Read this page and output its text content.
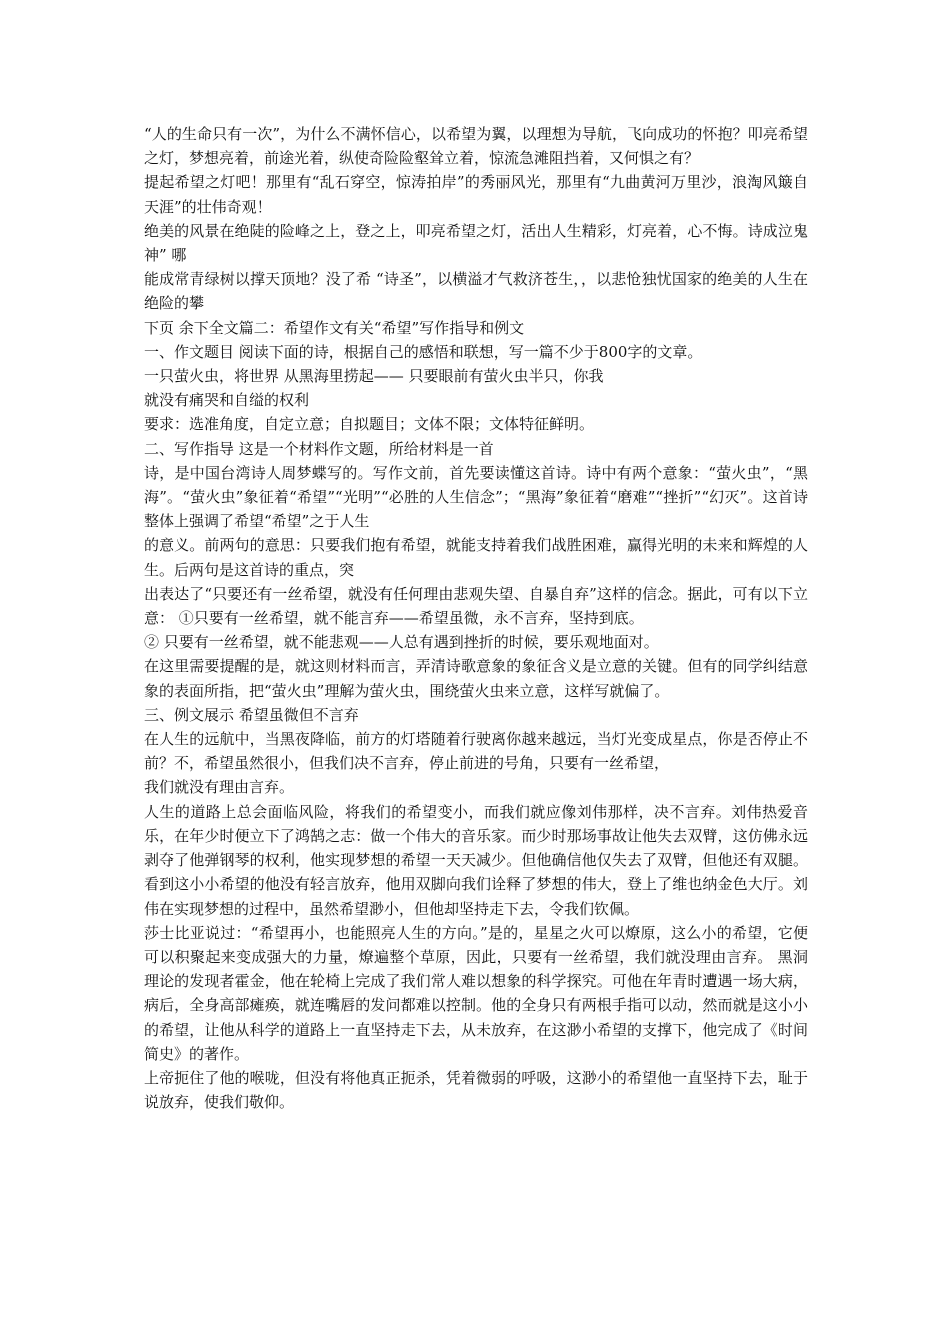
“人的生命只有一次”，为什么不满怀信心，以希望为翼，以理想为导航，飞向成功的怀抱？叩亮希望之灯，梦想亮着，前途光着，纵使奇险险壑耸立着，惊流急滩阻挡着，又何惧之有？

提起希望之灯吧！那里有“乱石穿空，惊涛拍岸”的秀丽风光，那里有“九曲黄河万里沙，浪淘风簸自天涯”的壮伟奇观！

绝美的风景在绝陡的险峰之上，登之上，叩亮希望之灯，活出人生精彩，灯亮着，心不悔。诗成泣鬼神” 哪

能成常青绿树以撑天顶地？没了希 “诗圣”，以横溢才气救济苍生，，以悲怆独忧国家的绝美的人生在绝险的攀

下页 余下全文篇二：希望作文有关“希望”写作指导和例文

一、作文题目 阅读下面的诗，根据自己的感悟和联想，写一篇不少于800字的文章。

一只萤火虫，将世界 从黑海里捞起—— 只要眼前有萤火虫半只，你我

就没有痛哭和自缢的权利

要求：选准角度，自定立意；自拟题目；文体不限；文体特征鲜明。

二、写作指导 这是一个材料作文题，所给材料是一首

诗，是中国台湾诗人周梦蝶写的。写作文前，首先要读懂这首诗。诗中有两个意象：“萤火虫”，“黑海”。“萤火虫”象征着“希望”“光明”“必胜的人生信念”；“黑海”象征着“磨难”“挫折”“幻灭”。这首诗整体上强调了希望“希望”之于人生

的意义。前两句的意思：只要我们抱有希望，就能支持着我们战胜困难，赢得光明的未来和辉煌的人生。后两句是这首诗的重点，突

出表达了“只要还有一丝希望，就没有任何理由悲观失望、自暴自弃”这样的信念。据此，可有以下立意： ①只要有一丝希望，就不能言弃——希望虽微，永不言弃，坚持到底。

② 只要有一丝希望，就不能悲观——人总有遇到挫折的时候，要乐观地面对。

在这里需要提醒的是，就这则材料而言，弄清诗歌意象的象征含义是立意的关键。但有的同学纠结意象的表面所指，把“萤火虫”理解为萤火虫，围绕萤火虫来立意，这样写就偏了。

三、例文展示 希望虽微但不言弃

在人生的远航中，当黑夜降临，前方的灯塔随着行驶离你越来越远，当灯光变成星点，你是否停止不前？不，希望虽然很小，但我们决不言弃，停止前进的号角，只要有一丝希望，

我们就没有理由言弃。

人生的道路上总会面临风险，将我们的希望变小，而我们就应像刘伟那样，决不言弃。刘伟热爱音乐，在年少时便立下了鸿鹄之志：做一个伟大的音乐家。而少时那场事故让他失去双臂，这仿佛永远剥夺了他弹钢琴的权利，他实现梦想的希望一天天减少。但他确信他仅失去了双臂，但他还有双腿。看到这小小希望的他没有轻言放弃，他用双脚向我们诠释了梦想的伟大，登上了维也纳金色大厅。刘伟在实现梦想的过程中，虽然希望渺小，但他却坚持走下去，令我们钦佩。

莎士比亚说过：“希望再小，也能照亮人生的方向。”是的，星星之火可以燎原，这么小的希望，它便可以积聚起来变成强大的力量，燎遍整个草原，因此，只要有一丝希望，我们就没理由言弃。 黑洞理论的发现者霍金，他在轮椅上完成了我们常人难以想象的科学探究。可他在年青时遭遇一场大病，病后，全身高部瘫痪，就连嘴唇的发问都难以控制。他的全身只有两根手指可以动，然而就是这小小的希望，让他从科学的道路上一直坚持走下去，从未放弃，在这渺小希望的支撑下，他完成了《时间简史》的著作。

上帝扼住了他的喉咙，但没有将他真正扼杀，凭着微弱的呼吸，这渺小的希望他一直坚持下去，耻于说放弃，使我们敬仰。
